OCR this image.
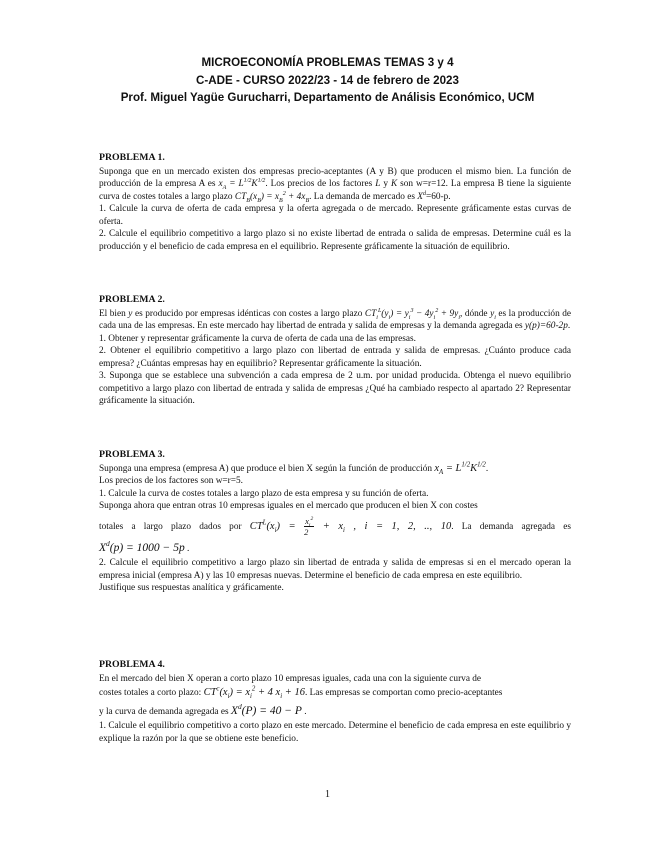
MICROECONOMÍA PROBLEMAS TEMAS 3 y 4
C-ADE - CURSO 2022/23 - 14 de febrero de 2023
Prof. Miguel Yagüe Gurucharri, Departamento de Análisis Económico, UCM
PROBLEMA 1.
Suponga que en un mercado existen dos empresas precio-aceptantes (A y B) que producen el mismo bien. La función de producción de la empresa A es $x_A = L^{1/2}K^{1/2}$. Los precios de los factores L y K son w=r=12. La empresa B tiene la siguiente curva de costes totales a largo plazo $CT_B(x_B) = x_B^2 + 4x_B$. La demanda de mercado es $X^d=60-p$.
1. Calcule la curva de oferta de cada empresa y la oferta agregada o de mercado. Represente gráficamente estas curvas de oferta.
2. Calcule el equilibrio competitivo a largo plazo si no existe libertad de entrada o salida de empresas. Determine cuál es la producción y el beneficio de cada empresa en el equilibrio. Represente gráficamente la situación de equilibrio.
PROBLEMA 2.
El bien y es producido por empresas idénticas con costes a largo plazo $CT_i^L(y_i) = y_i^3 - 4y_i^2 + 9y_i$, dónde $y_i$ es la producción de cada una de las empresas. En este mercado hay libertad de entrada y salida de empresas y la demanda agregada es y(p)=60-2p.
1. Obtener y representar gráficamente la curva de oferta de cada una de las empresas.
2. Obtener el equilibrio competitivo a largo plazo con libertad de entrada y salida de empresas. ¿Cuánto produce cada empresa? ¿Cuántas empresas hay en equilibrio? Representar gráficamente la situación.
3. Suponga que se establece una subvención a cada empresa de 2 u.m. por unidad producida. Obtenga el nuevo equilibrio competitivo a largo plazo con libertad de entrada y salida de empresas ¿Qué ha cambiado respecto al apartado 2? Representar gráficamente la situación.
PROBLEMA 3.
Suponga una empresa (empresa A) que produce el bien X según la función de producción $x_A = L^{1/2}K^{1/2}$.
Los precios de los factores son w=r=5.
1. Calcule la curva de costes totales a largo plazo de esta empresa y su función de oferta.
Suponga ahora que entran otras 10 empresas iguales en el mercado que producen el bien X con costes
totales a largo plazo dados por $CT^L(x_i) = \frac{x_i^2}{2} + x_i$ , i = 1, 2, .., 10. La demanda agregada es
$X^d(p) = 1000 - 5p$ .
2. Calcule el equilibrio competitivo a largo plazo sin libertad de entrada y salida de empresas si en el mercado operan la empresa inicial (empresa A) y las 10 empresas nuevas. Determine el beneficio de cada empresa en este equilibrio.
Justifique sus respuestas analítica y gráficamente.
PROBLEMA 4.
En el mercado del bien X operan a corto plazo 10 empresas iguales, cada una con la siguiente curva de
costes totales a corto plazo: $CT^c(x_i) = x_i^2 + 4$ $x_i + 16$. Las empresas se comportan como precio-aceptantes
y la curva de demanda agregada es $X^d(P) = 40 - P$ .
1. Calcule el equilibrio competitivo a corto plazo en este mercado. Determine el beneficio de cada empresa en este equilibrio y explique la razón por la que se obtiene este beneficio.
1
